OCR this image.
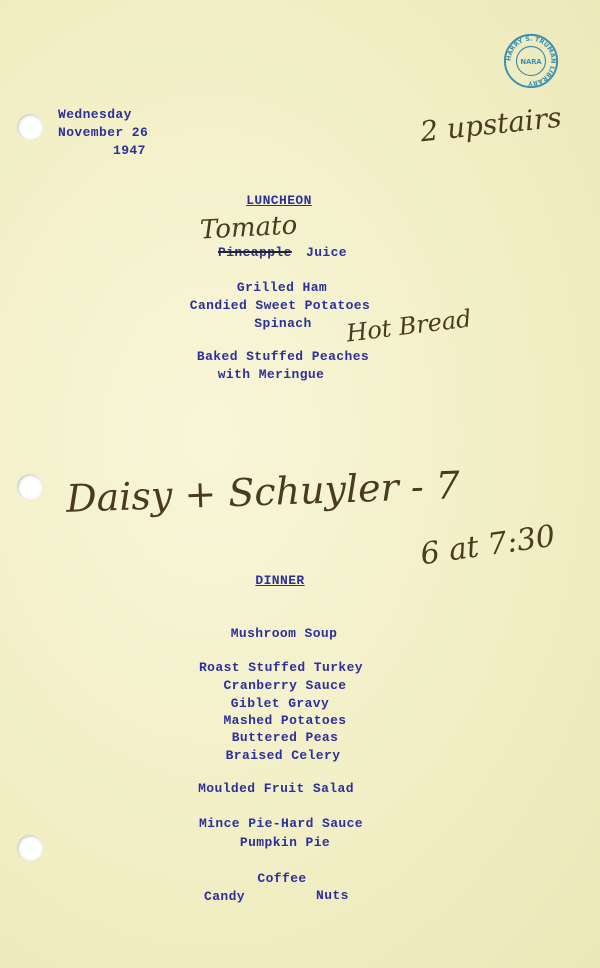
HARRY S. TRUMAN LIBRARY
NARA
Wednesday
November 26
1947
2 upstairs
LUNCHEON
Tomato
Pineapple Juice
Grilled Ham
Candied Sweet Potatoes
Spinach Hot Bread
Baked Stuffed Peaches
with Meringue
Daisy + Schuyler - 7
6 at 7:30
DINNER
Mushroom Soup
Roast Stuffed Turkey
Cranberry Sauce
Giblet Gravy
Mashed Potatoes
Buttered Peas
Braised Celery
Moulded Fruit Salad
Mince Pie-Hard Sauce
Pumpkin Pie
Coffee
Candy	Nuts
